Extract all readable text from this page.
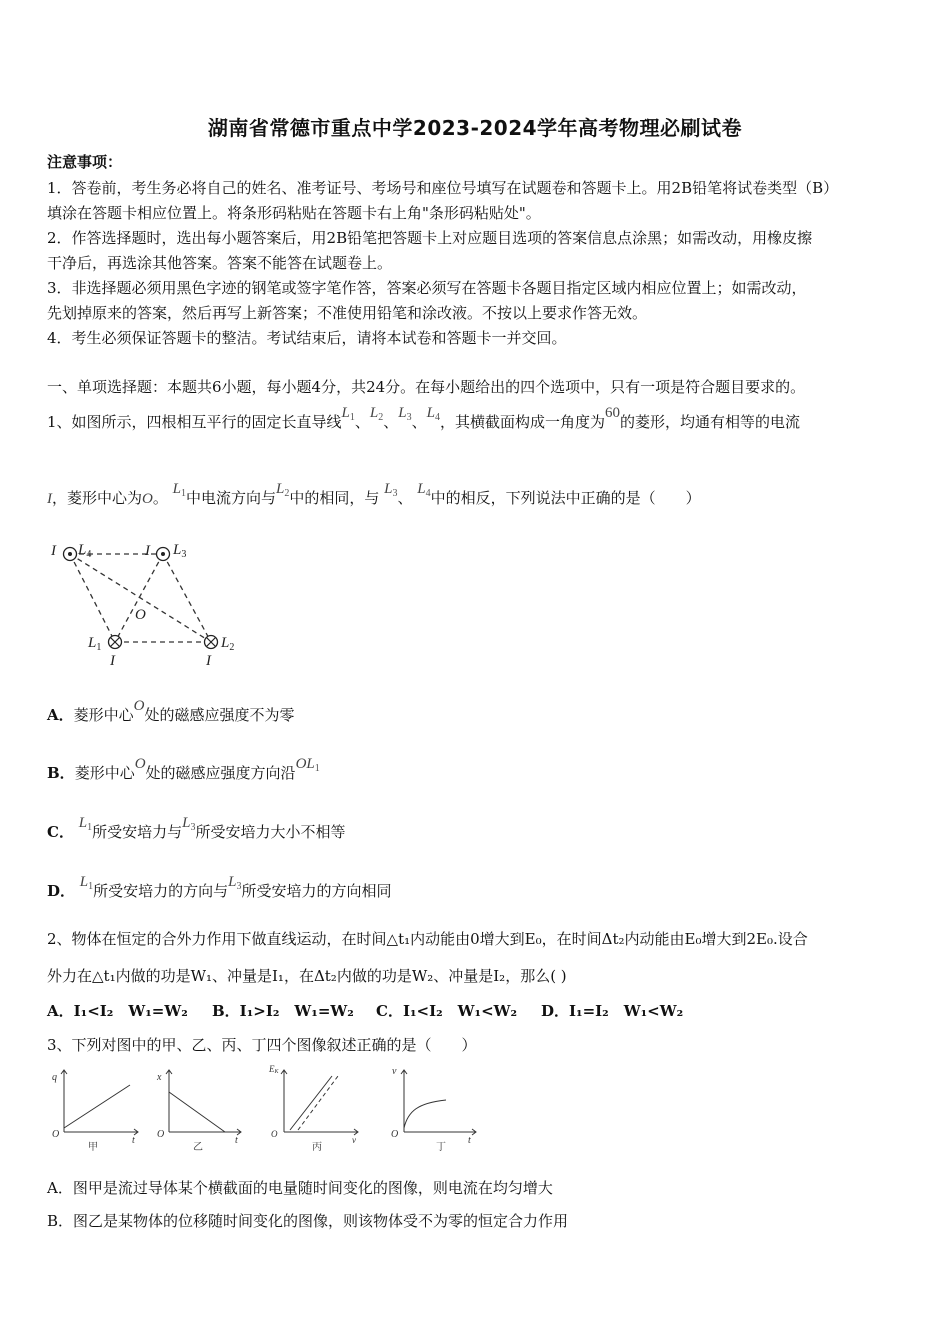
湖南省常德市重点中学2023-2024学年高考物理必刷试卷
注意事项：
1．答卷前，考生务必将自己的姓名、准考证号、考场号和座位号填写在试题卷和答题卡上。用2B铅笔将试卷类型（B）
填涂在答题卡相应位置上。将条形码粘贴在答题卡右上角"条形码粘贴处"。
2．作答选择题时，选出每小题答案后，用2B铅笔把答题卡上对应题目选项的答案信息点涂黑；如需改动，用橡皮擦
干净后，再选涂其他答案。答案不能答在试题卷上。
3．非选择题必须用黑色字迹的钢笔或签字笔作答，答案必须写在答题卡各题目指定区域内相应位置上；如需改动，
先划掉原来的答案，然后再写上新答案；不准使用铅笔和涂改液。不按以上要求作答无效。
4．考生必须保证答题卡的整洁。考试结束后，请将本试卷和答题卡一并交回。
一、单项选择题：本题共6小题，每小题4分，共24分。在每小题给出的四个选项中，只有一项是符合题目要求的。
1、如图所示，四根相互平行的固定长直导线$L_1$、$L_2$、$L_3$、$L_4$，其横截面构成一角度为60的菱形，均通有相等的电流
I，菱形中心为O。 $L_1$中电流方向与$L_2$中的相同，与 $L_3$、 $L_4$中的相反，下列说法中正确的是（　　）
I $L_4$	I $L_3$
O
$L_1$	$L_2$
I	I
A．菱形中心O处的磁感应强度不为零
B．菱形中心O处的磁感应强度方向沿$OL_1$
C． $L_1$所受安培力与$L_3$所受安培力大小不相等
D． $L_1$所受安培力的方向与$L_3$所受安培力的方向相同
2、物体在恒定的合外力作用下做直线运动，在时间△t₁内动能由0增大到E₀，在时间Δt₂内动能由E₀增大到2E₀.设合
外力在△t₁内做的功是W₁、冲量是I₁，在Δt₂内做的功是W₂、冲量是I₂，那么( )
A．I₁<I₂　W₁=W₂ B．I₁>I₂　W₁=W₂ C．I₁<I₂　W₁<W₂ D．I₁=I₂　W₁<W₂
3、下列对图中的甲、乙、丙、丁四个图像叙述正确的是（　　）
q
t
O
甲
x
t
O
乙
EK
v
O
丙
v
t
O
丁
A．图甲是流过导体某个横截面的电量随时间变化的图像，则电流在均匀增大
B．图乙是某物体的位移随时间变化的图像，则该物体受不为零的恒定合力作用
